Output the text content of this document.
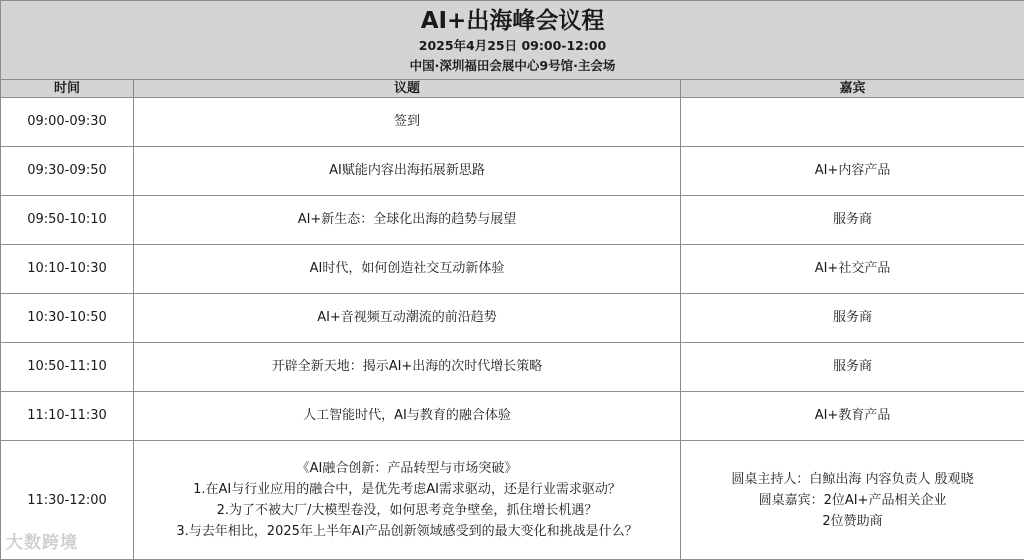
AI+出海峰会议程
2025年4月25日 09:00-12:00
中国·深圳福田会展中心9号馆·主会场		

时间	议题	嘉宾
09:00-09:30	签到	
09:30-09:50	AI赋能内容出海拓展新思路	AI+内容产品
09:50-10:10	AI+新生态：全球化出海的趋势与展望	服务商
10:10-10:30	AI时代，如何创造社交互动新体验	AI+社交产品
10:30-10:50	AI+音视频互动潮流的前沿趋势	服务商
10:50-11:10	开辟全新天地：揭示AI+出海的次时代增长策略	服务商
11:10-11:30	人工智能时代，AI与教育的融合体验	AI+教育产品
11:30-12:00	《AI融合创新：产品转型与市场突破》
1.在AI与行业应用的融合中，是优先考虑AI需求驱动，还是行业需求驱动？
2.为了不被大厂/大模型卷没，如何思考竞争壁垒，抓住增长机遇？
3.与去年相比，2025年上半年AI产品创新领域感受到的最大变化和挑战是什么？	圆桌主持人：白鲸出海 内容负责人 殷观晓
圆桌嘉宾：2位AI+产品相关企业
2位赞助商
大数跨境
